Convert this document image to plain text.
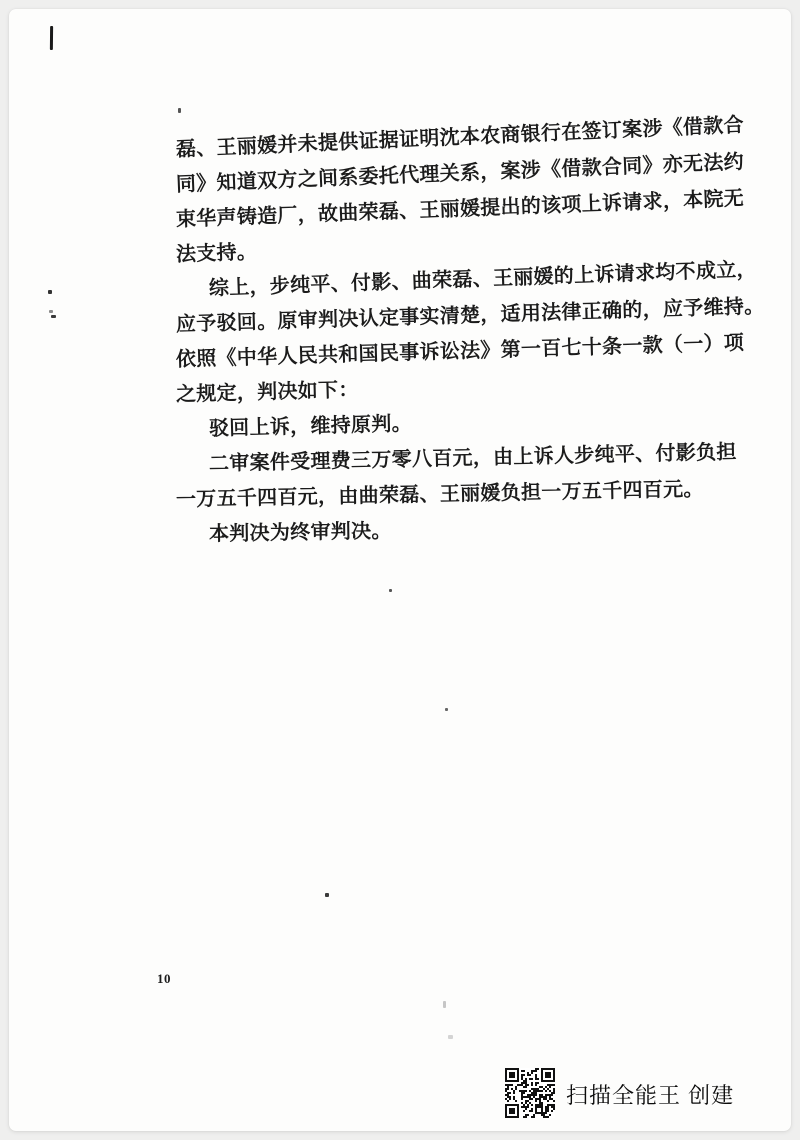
磊、王丽媛并未提供证据证明沈本农商银行在签订案涉《借款合
同》知道双方之间系委托代理关系，案涉《借款合同》亦无法约
束华声铸造厂，故曲荣磊、王丽媛提出的该项上诉请求，本院无
法支持。
综上，步纯平、付影、曲荣磊、王丽媛的上诉请求均不成立，
应予驳回。原审判决认定事实清楚，适用法律正确的，应予维持。
依照《中华人民共和国民事诉讼法》第一百七十条一款（一）项
之规定，判决如下：
驳回上诉，维持原判。
二审案件受理费三万零八百元，由上诉人步纯平、付影负担
一万五千四百元，由曲荣磊、王丽媛负担一万五千四百元。
本判决为终审判决。
10
扫描全能王 创建
